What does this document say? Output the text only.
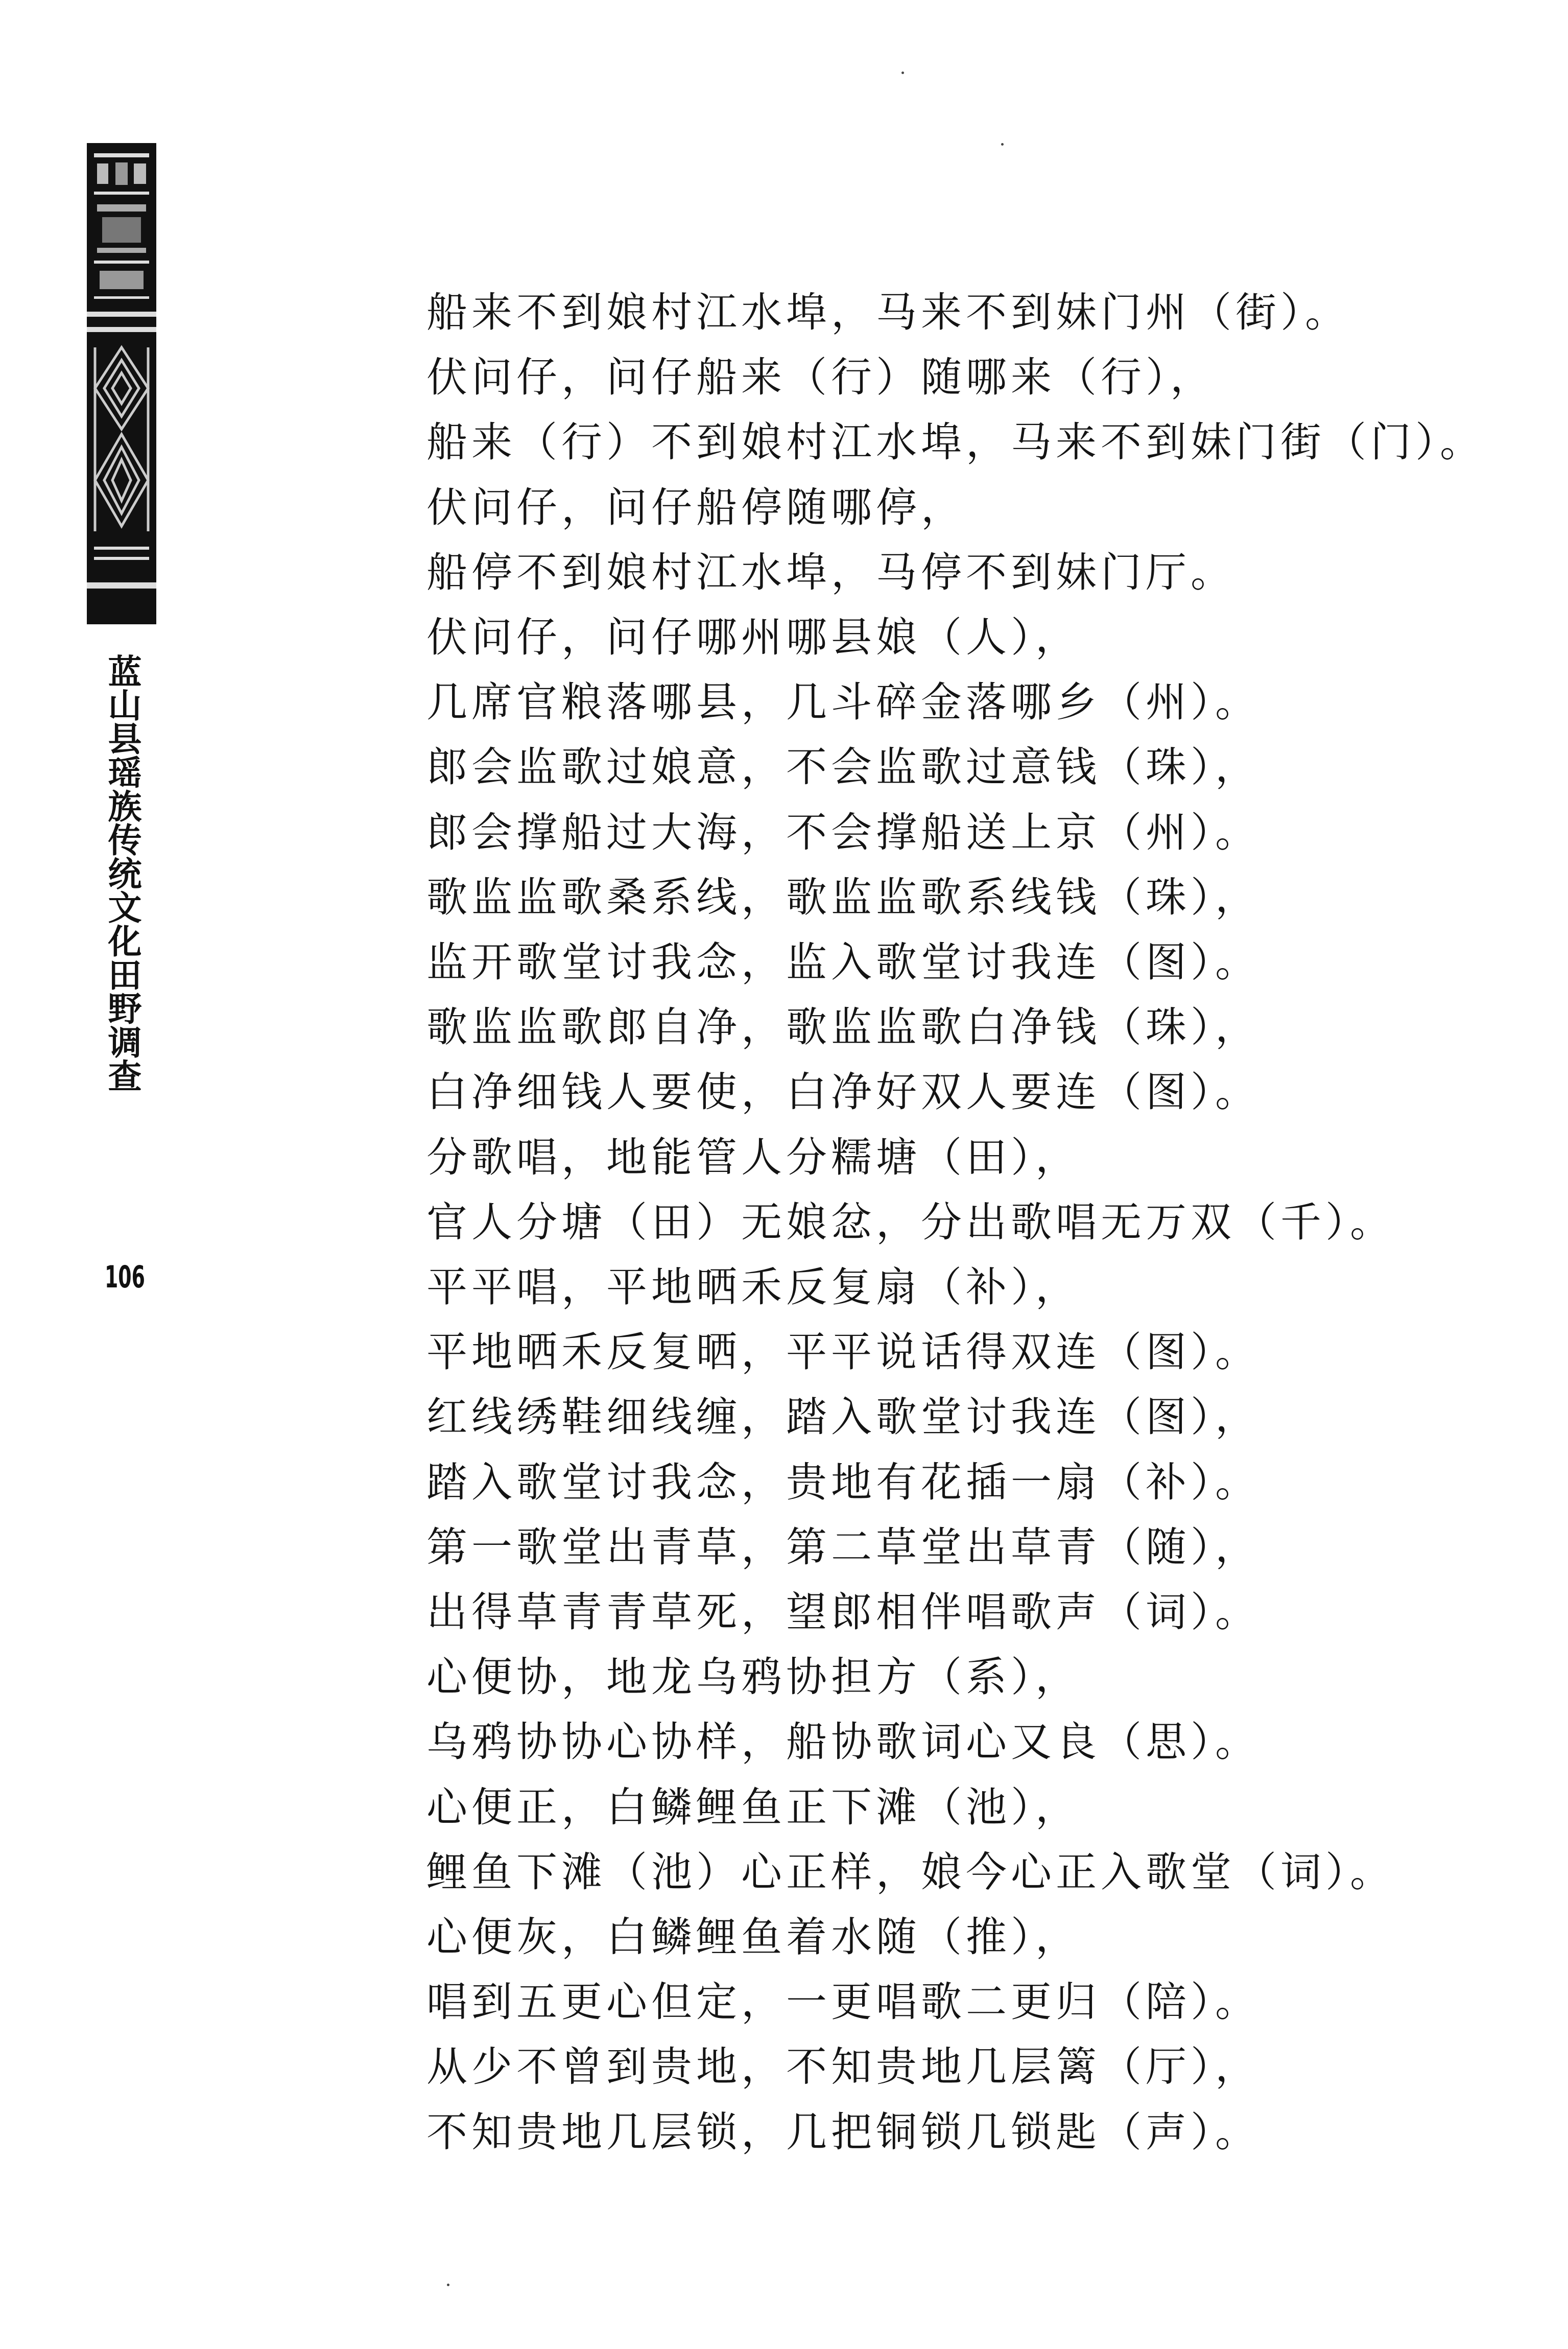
蓝山县瑶族传统文化田野调查
106
船来不到娘村江水埠，马来不到妹门州（街）。
伏问仔，问仔船来（行）随哪来（行），
船来（行）不到娘村江水埠，马来不到妹门街（门）。
伏问仔，问仔船停随哪停，
船停不到娘村江水埠，马停不到妹门厅。
伏问仔，问仔哪州哪县娘（人），
几席官粮落哪县，几斗碎金落哪乡（州）。
郎会监歌过娘意，不会监歌过意钱（珠），
郎会撑船过大海，不会撑船送上京（州）。
歌监监歌桑系线，歌监监歌系线钱（珠），
监开歌堂讨我念，监入歌堂讨我连（图）。
歌监监歌郎自净，歌监监歌白净钱（珠），
白净细钱人要使，白净好双人要连（图）。
分歌唱，地能管人分糯塘（田），
官人分塘（田）无娘忿，分出歌唱无万双（千）。
平平唱，平地晒禾反复扇（补），
平地晒禾反复晒，平平说话得双连（图）。
红线绣鞋细线缠，踏入歌堂讨我连（图），
踏入歌堂讨我念，贵地有花插一扇（补）。
第一歌堂出青草，第二草堂出草青（随），
出得草青青草死，望郎相伴唱歌声（词）。
心便协，地龙乌鸦协担方（系），
乌鸦协协心协样，船协歌词心又良（思）。
心便正，白鳞鲤鱼正下滩（池），
鲤鱼下滩（池）心正样，娘今心正入歌堂（词）。
心便灰，白鳞鲤鱼着水随（推），
唱到五更心但定，一更唱歌二更归（陪）。
从少不曾到贵地，不知贵地几层篱（厅），
不知贵地几层锁，几把铜锁几锁匙（声）。
